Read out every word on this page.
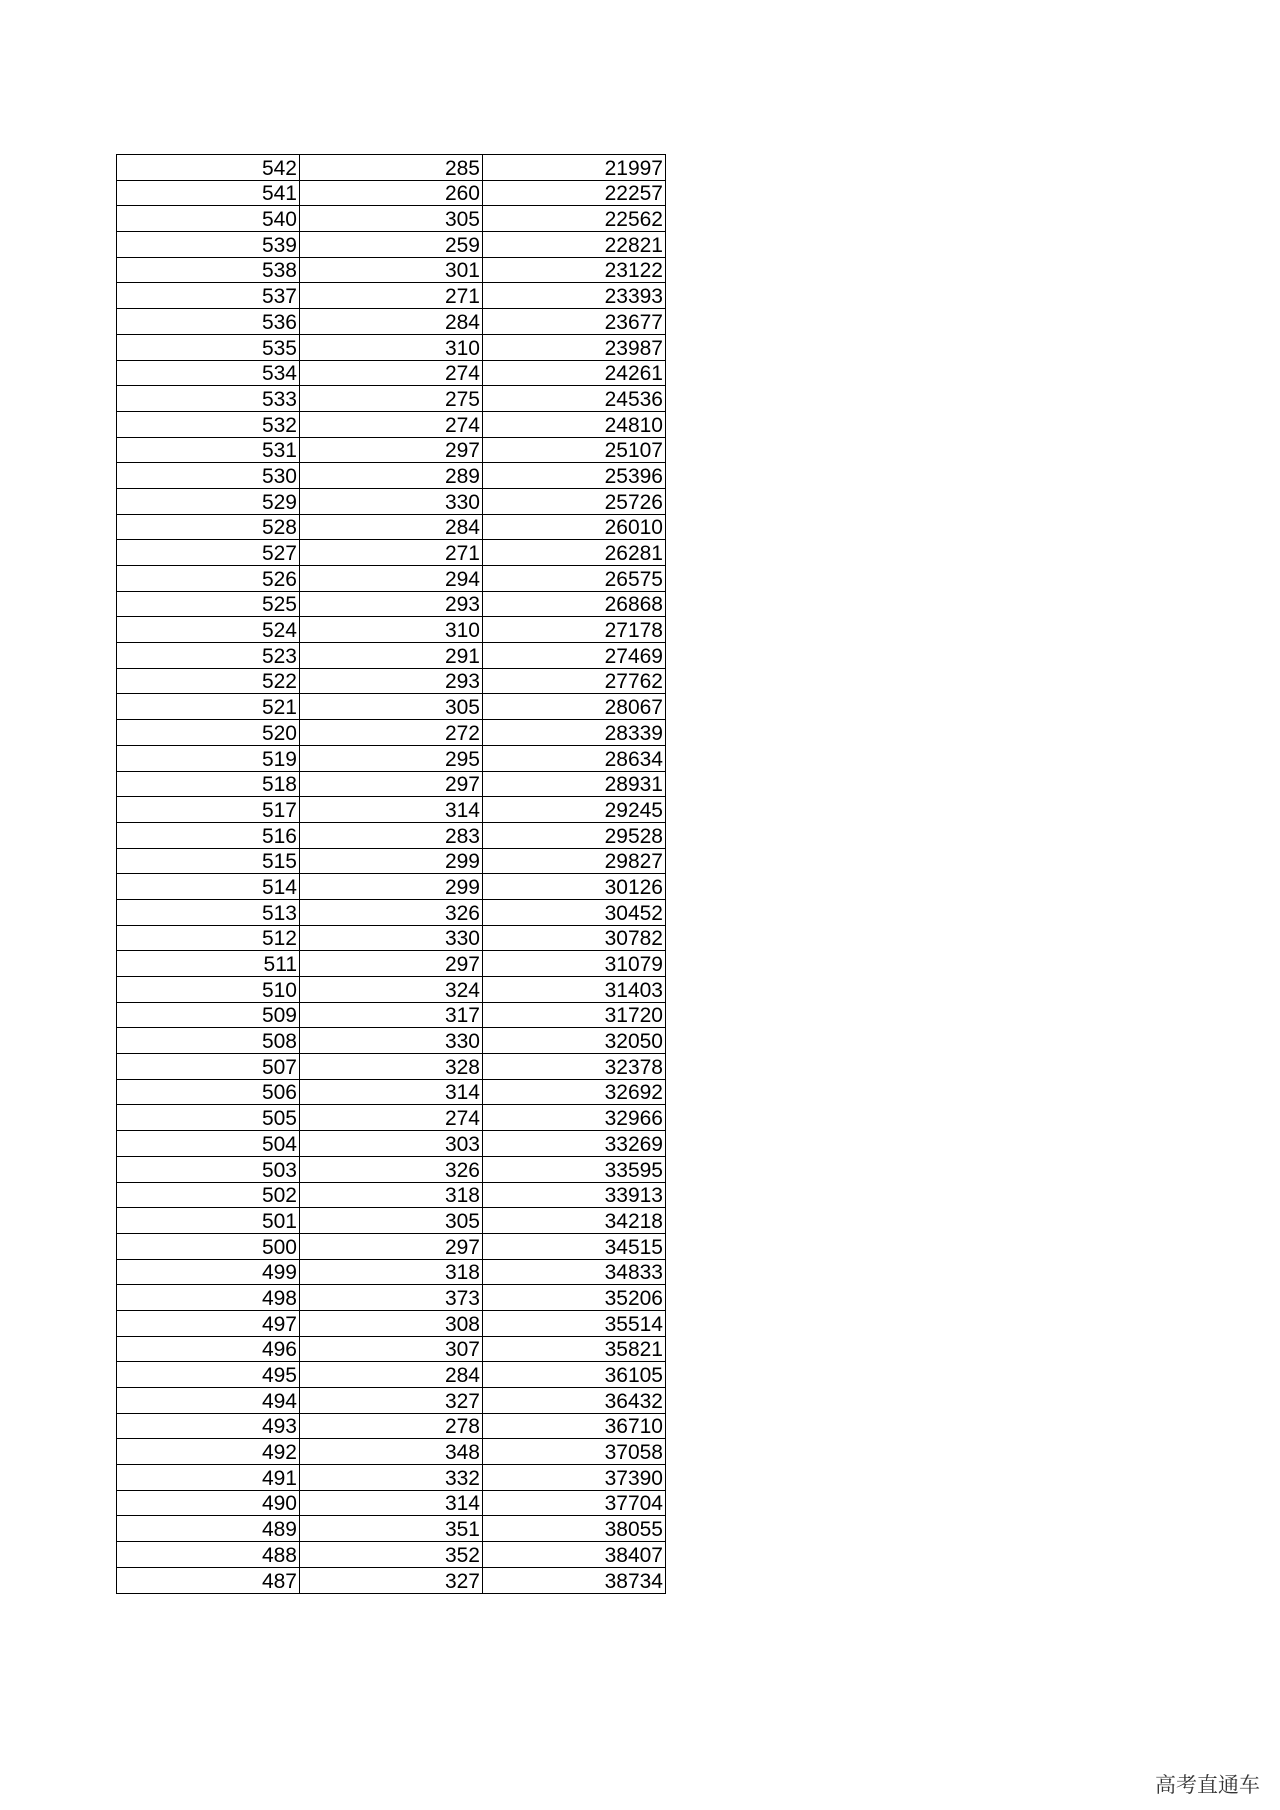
542	285	21997
541	260	22257
540	305	22562
539	259	22821
538	301	23122
537	271	23393
536	284	23677
535	310	23987
534	274	24261
533	275	24536
532	274	24810
531	297	25107
530	289	25396
529	330	25726
528	284	26010
527	271	26281
526	294	26575
525	293	26868
524	310	27178
523	291	27469
522	293	27762
521	305	28067
520	272	28339
519	295	28634
518	297	28931
517	314	29245
516	283	29528
515	299	29827
514	299	30126
513	326	30452
512	330	30782
511	297	31079
510	324	31403
509	317	31720
508	330	32050
507	328	32378
506	314	32692
505	274	32966
504	303	33269
503	326	33595
502	318	33913
501	305	34218
500	297	34515
499	318	34833
498	373	35206
497	308	35514
496	307	35821
495	284	36105
494	327	36432
493	278	36710
492	348	37058
491	332	37390
490	314	37704
489	351	38055
488	352	38407
487	327	38734
高考直通车
